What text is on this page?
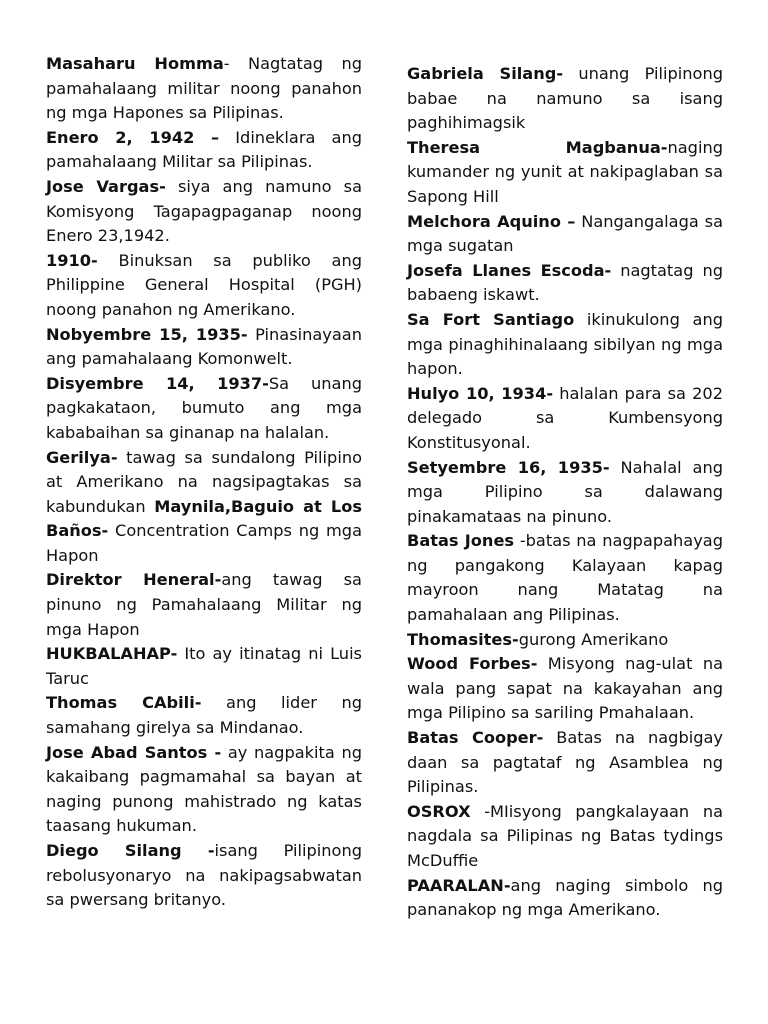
Masaharu Homma- Nagtatag ng pamahalaang militar noong panahon ng mga Hapones sa Pilipinas.

Enero 2, 1942 – Idineklara ang pamahalaang Militar sa Pilipinas.

Jose Vargas- siya ang namuno sa Komisyong Tagapagpaganap noong Enero 23,1942.

1910- Binuksan sa publiko ang Philippine General Hospital (PGH) noong panahon ng Amerikano.

Nobyembre 15, 1935- Pinasinayaan ang pamahalaang Komonwelt.

Disyembre 14, 1937-Sa unang pagkakataon, bumuto ang mga kababaihan sa ginanap na halalan.

Gerilya- tawag sa sundalong Pilipino at Amerikano na nagsipagtakas sa kabundukan Maynila,Baguio at Los Baños- Concentration Camps ng mga Hapon

Direktor Heneral-ang tawag sa pinuno ng Pamahalaang Militar ng mga Hapon

HUKBALAHAP- Ito ay itinatag ni Luis Taruc

Thomas CAbili- ang lider ng samahang girelya sa Mindanao.

Jose Abad Santos - ay nagpakita ng kakaibang pagmamahal sa bayan at naging punong mahistrado ng katas taasang hukuman.

Diego Silang -isang Pilipinong rebolusyonaryo na nakipagsabwatan sa pwersang britanyo.

Gabriela Silang- unang Pilipinong babae na namuno sa isang paghihimagsik

Theresa Magbanua-naging kumander ng yunit at nakipaglaban sa Sapong Hill

Melchora Aquino – Nangangalaga sa mga sugatan

Josefa Llanes Escoda- nagtatag ng babaeng iskawt.

Sa Fort Santiago ikinukulong ang mga pinaghihinalaang sibilyan ng mga hapon.

Hulyo 10, 1934- halalan para sa 202 delegado sa Kumbensyong Konstitusyonal.

Setyembre 16, 1935- Nahalal ang mga Pilipino sa dalawang pinakamataas na pinuno.

Batas Jones -batas na nagpapahayag ng pangakong Kalayaan kapag mayroon nang Matatag na pamahalaan ang Pilipinas.

Thomasites-gurong Amerikano

Wood Forbes- Misyong nag-ulat na wala pang sapat na kakayahan ang mga Pilipino sa sariling Pmahalaan.

Batas Cooper- Batas na nagbigay daan sa pagtataf ng Asamblea ng Pilipinas.

OSROX -MIisyong pangkalayaan na nagdala sa Pilipinas ng Batas tydings McDuffie

PAARALAN-ang naging simbolo ng pananakop ng mga Amerikano.
